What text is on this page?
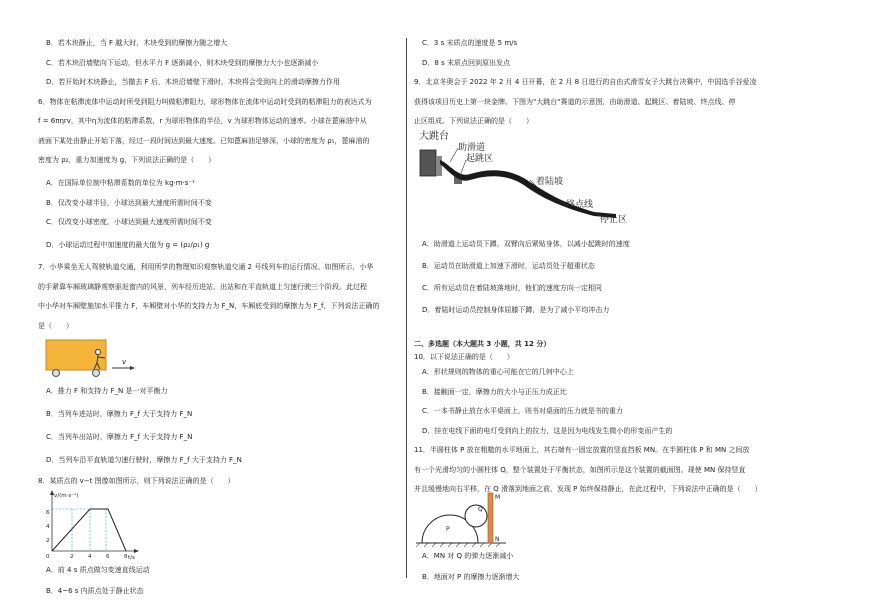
B．若木块静止，当 F 越大时，木块受到的摩擦力随之增大
C．若木块沿墙壁向下运动，但水平力 F 逐渐减小，则木块受到的摩擦力大小也逐渐减小
D．若开始时木块静止，当撤去 F 后，木块沿墙壁下滑时，木块将会受到向上的滑动摩擦力作用
6．物体在粘滞流体中运动时所受到阻力叫做粘滞阻力，球形物体在流体中运动时受到的粘滞阻力的表达式为
f = 6πηrv，其中η为流体的粘滞系数，r 为球形物体的半径，v 为球形物体运动的速率。小球在蓖麻油中从
液面下某处由静止开始下落，经过一段时间达到最大速度。已知蓖麻油足够深，小球的密度为 ρ₁，蓖麻油的
密度为 ρ₂，重力加速度为 g，下列说法正确的是（　　）
A．在国际单位制中粘滞系数的单位为 kg·m·s⁻¹
B．仅改变小球半径，小球达到最大速度所需时间不变
C．仅改变小球密度，小球达到最大速度所需时间不变
D．小球运动过程中加速度的最大值为 g = (ρ₂/ρ₁) g
7．小华乘坐无人驾驶轨道交通，利用所学的物理知识观察轨道交通 2 号线列车的运行情况。如图所示，小华
的手紧靠车厢玻璃静观察驱赶窗内的风景，列车经历进站、出站和在平直轨道上匀速行驶三个阶段。此过程
中小华对车厢壁施加水平推力 F，车厢壁对小华的支持力为 F_N，车厢底受到的摩擦力为 F_f，下列说法正确的
是（　　）
v
A．推力 F 和支持力 F_N 是一对平衡力
B．当列车进站时，摩擦力 F_f 大于支持力 F_N
C．当列车出站时，摩擦力 F_f 大于支持力 F_N
D．当列车沿平直轨道匀速行驶时，摩擦力 F_f 大于支持力 F_N
8．某质点的 v−t 图像如图所示，则下列说法正确的是（　　）
v/(m·s⁻¹)
t/s
0
6
4
2
2	4	6	8
A．前 4 s 质点做匀变速直线运动
B．4~6 s 内质点处于静止状态
C．3 s 末质点的速度是 5 m/s
D．8 s 末质点回到原出发点
9．北京冬奥会于 2022 年 2 月 4 日开幕，在 2 月 8 日进行的自由式滑雪女子大跳台决赛中，中国选手谷爱凌
获得该项目历史上第一块金牌。下图为"大跳台"赛道的示意图，由助滑道、起跳区、着陆坡、终点线、停
止区组成。下列说法正确的是（　　）
大跳台
助滑道
起跳区
着陆坡
终点线
停止区
A．助滑道上运动员下蹲，双臂向后紧贴身体，以减小起跳时的速度
B．运动员在助滑道上加速下滑时，运动员处于超重状态
C．所有运动员在着陆坡落地时，他们的速度方向一定相同
D．着陆时运动员控制身体屈膝下蹲，是为了减小平均冲击力
二、多选题（本大题共 3 小题，共 12 分）
10．以下说法正确的是（　　）
A．形状规则的物体的重心可能在它的几何中心上
B．接触面一定，摩擦力的大小与正压力成正比
C．一本书静止放在水平桌面上，则书对桌面的压力就是书的重力
D．挂在电线下面的电灯受到向上的拉力，这是因为电线发生微小的形变而产生的
11．半圆柱体 P 放在粗糙的水平地面上，其右端有一固定放置的竖直挡板 MN。在半圆柱体 P 和 MN 之间放
有一个光滑均匀的小圆柱体 Q，整个装置处于平衡状态，如图所示是这个装置的截面图。现使 MN 保持竖直
并且缓慢地向右平移，在 Q 滑落到地面之前，发现 P 始终保持静止，在此过程中，下列说法中正确的是（　　）
M
Q
P
N
A．MN 对 Q 的弹力逐渐减小
B．地面对 P 的摩擦力逐渐增大
